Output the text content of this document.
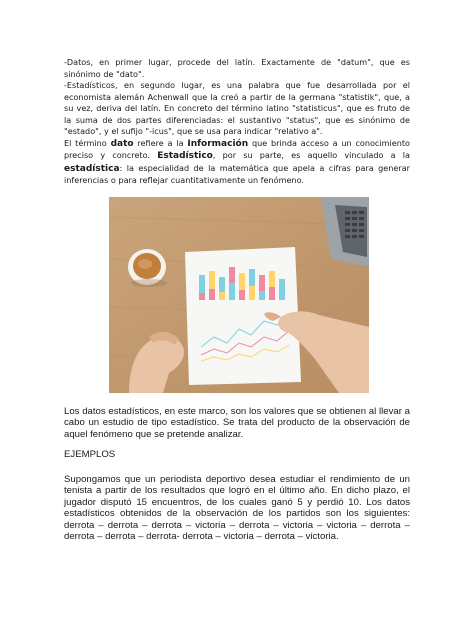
-Datos, en primer lugar, procede del latín. Exactamente de "datum", que es sinónimo de "dato".

-Estadísticos, en segundo lugar, es una palabra que fue desarrollada por el economista alemán Achenwall que la creó a partir de la germana "statistik", que, a su vez, deriva del latín. En concreto del término latino "statisticus", que es fruto de la suma de dos partes diferenciadas: el sustantivo "status", que es sinónimo de "estado", y el sufijo "-icus", que se usa para indicar "relativo a".

El término dato refiere a la Información que brinda acceso a un conocimiento preciso y concreto. Estadístico, por su parte, es aquello vinculado a la estadística: la especialidad de la matemática que apela a cifras para generar inferencias o para reflejar cuantitativamente un fenómeno.

Los datos estadísticos, en este marco, son los valores que se obtienen al llevar a cabo un estudio de tipo estadístico. Se trata del producto de la observación de aquel fenómeno que se pretende analizar.

EJEMPLOS

Supongamos que un periodista deportivo desea estudiar el rendimiento de un tenista a partir de los resultados que logró en el último año. En dicho plazo, el jugador disputó 15 encuentros, de los cuales ganó 5 y perdió 10. Los datos estadísticos obtenidos de la observación de los partidos son los siguientes: derrota – derrota – derrota – victoria – derrota – victoria – victoria – derrota – derrota – derrota – derrota- derrota – victoria – derrota – victoria.
